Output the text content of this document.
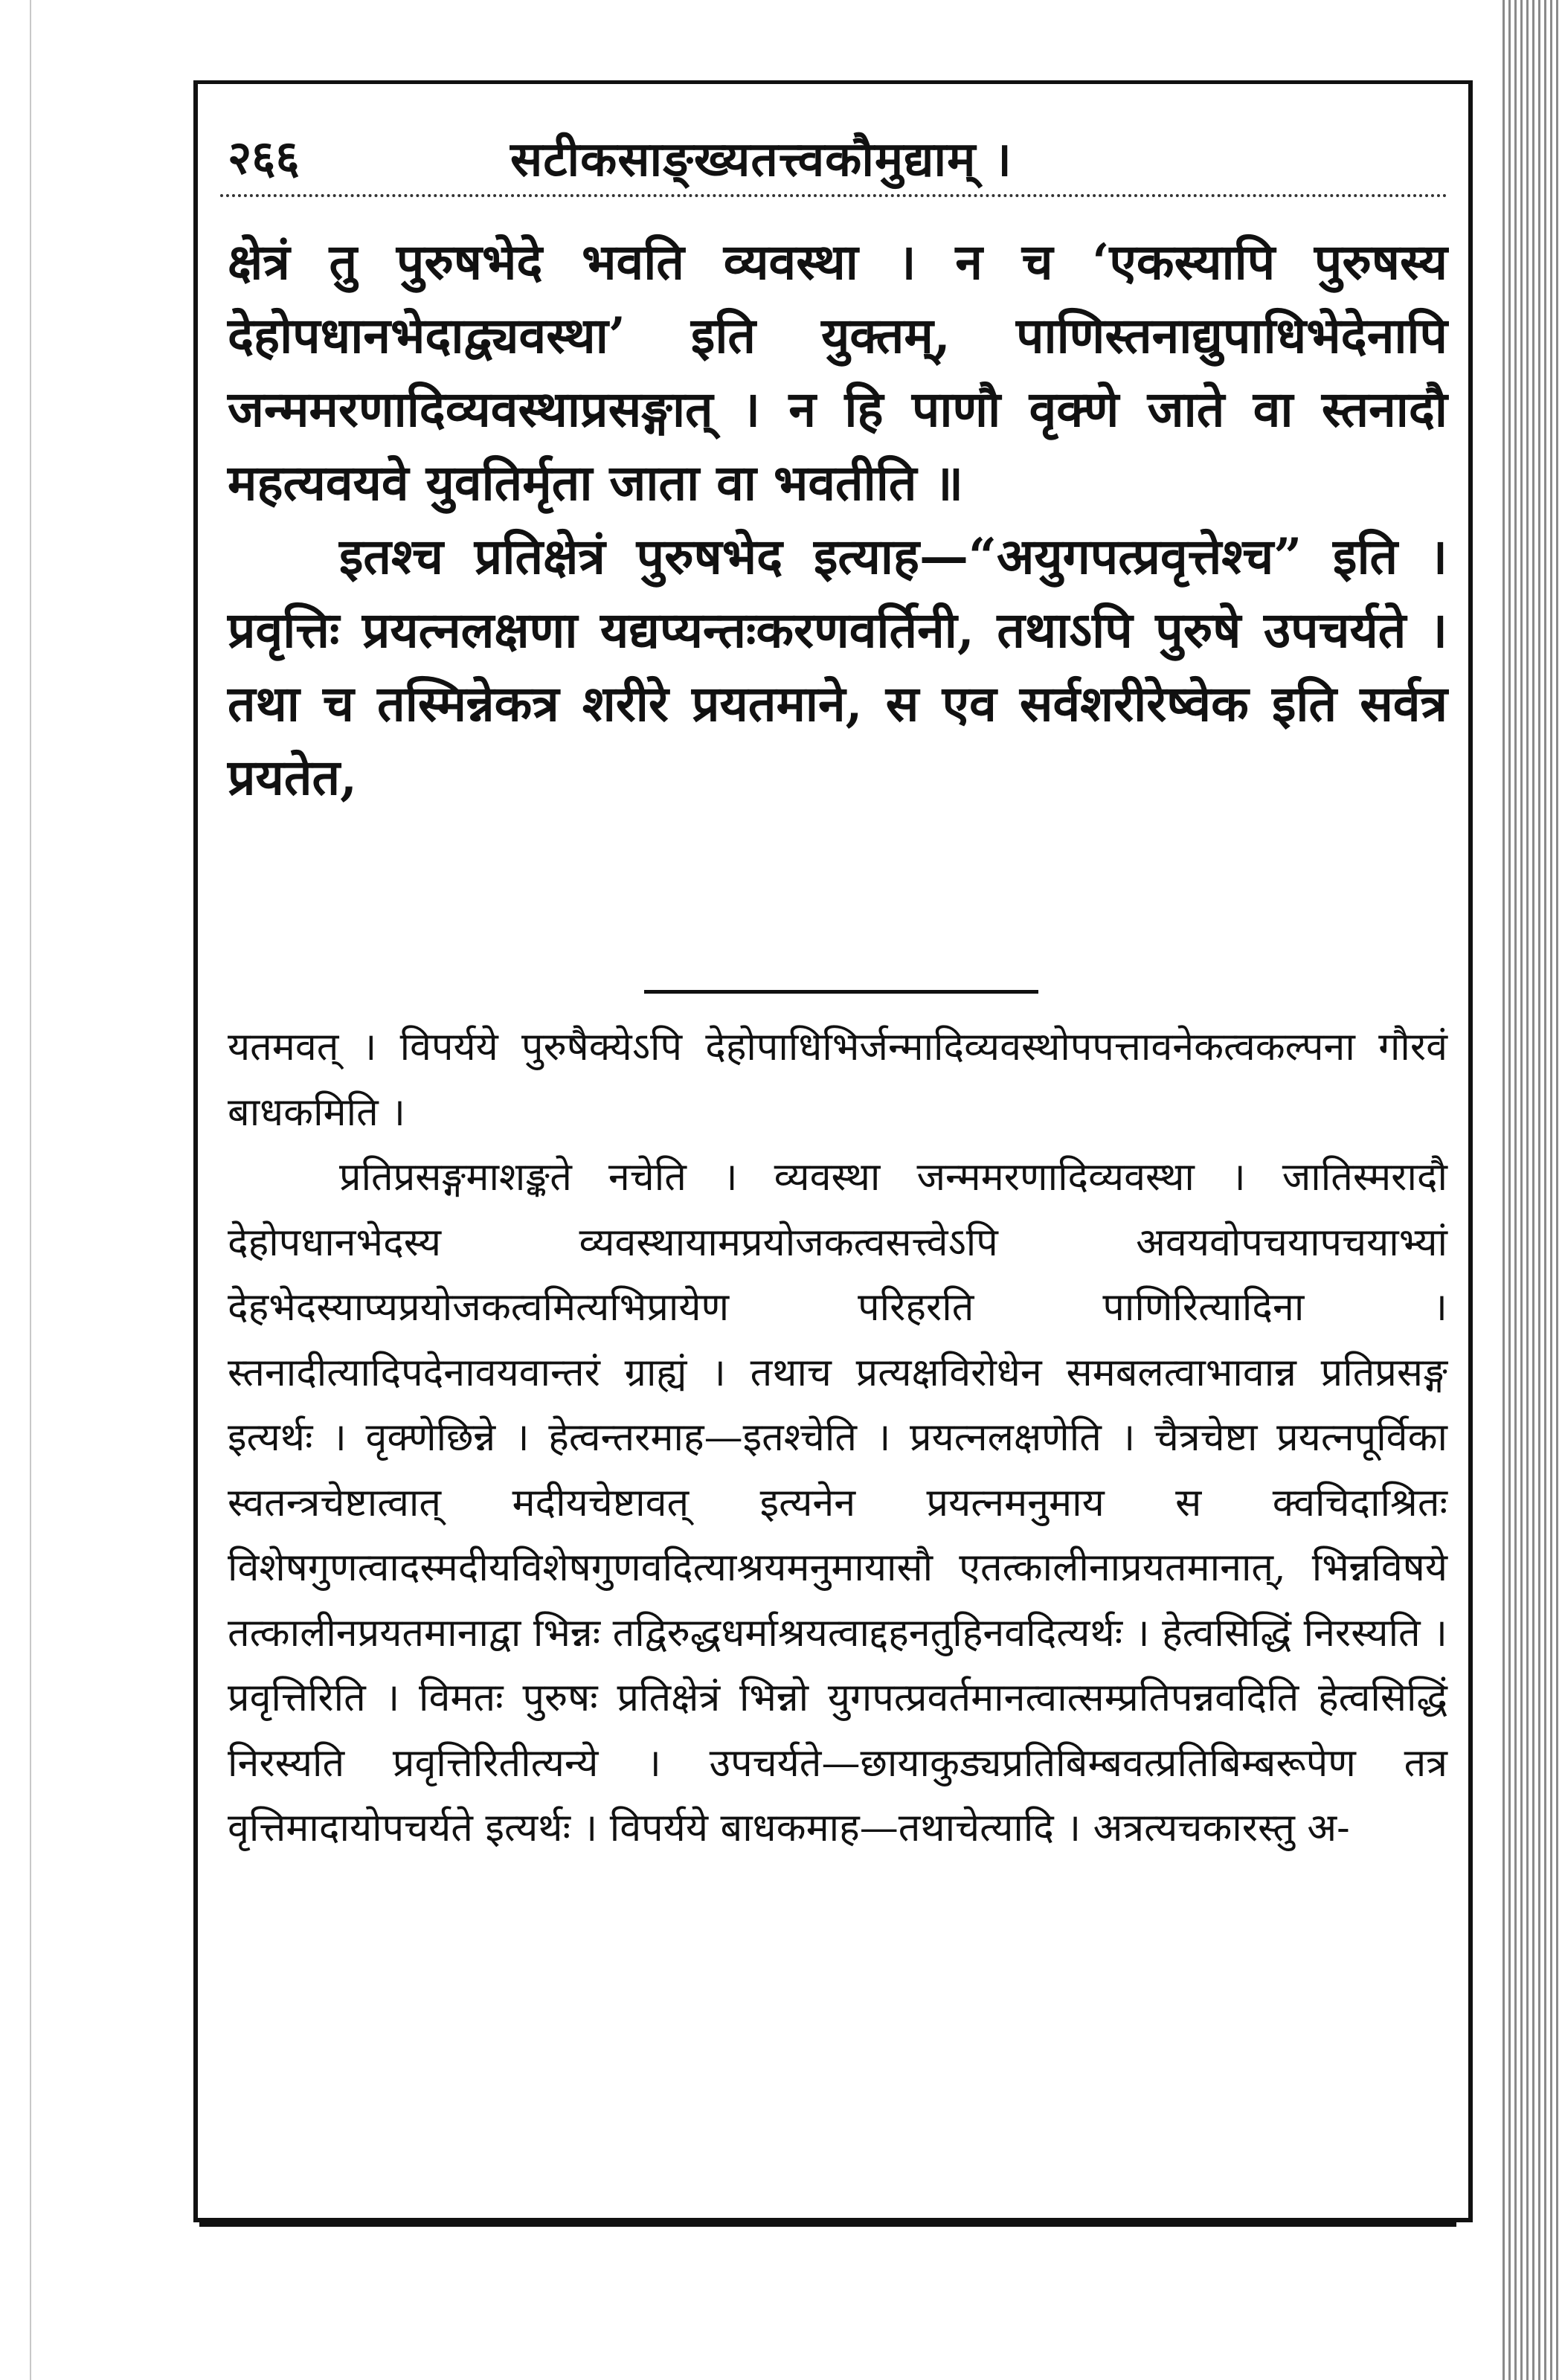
२६६	सटीकसाङ्ख्यतत्त्वकौमुद्याम् ।

क्षेत्रं तु पुरुषभेदे भवति व्यवस्था । न च ‘एकस्यापि पुरुषस्य देहोपधानभेदाद्व्यवस्था’ इति युक्तम्, पाणिस्तनाद्युपाधिभेदेनापि जन्ममरणादिव्यवस्थाप्रसङ्गात् । न हि पाणौ वृक्णे जाते वा स्तनादौ महत्यवयवे युवतिर्मृता जाता वा भवतीति ॥

इतश्च प्रतिक्षेत्रं पुरुषभेद इत्याह—“अयुगपत्प्रवृत्तेश्च” इति । प्रवृत्तिः प्रयत्नलक्षणा यद्यप्यन्तःकरणवर्तिनी, तथाऽपि पुरुषे उपचर्यते । तथा च तस्मिन्नेकत्र शरीरे प्रयतमाने, स एव सर्वशरीरेष्वेक इति सर्वत्र प्रयतेत,

यतमवत् । विपर्यये पुरुषैक्येऽपि देहोपाधिभिर्जन्मादिव्यवस्थोपपत्तावनेकत्वकल्पना गौरवं बाधकमिति ।

प्रतिप्रसङ्गमाशङ्कते नचेति । व्यवस्था जन्ममरणादिव्यवस्था । जातिस्मरादौ देहोपधानभेदस्य व्यवस्थायामप्रयोजकत्वसत्त्वेऽपि अवयवोपचयापचयाभ्यां देहभेदस्याप्यप्रयोजकत्वमित्यभिप्रायेण परिहरति पाणिरित्यादिना । स्तनादीत्यादिपदेनावयवान्तरं ग्राह्यं । तथाच प्रत्यक्षविरोधेन समबलत्वाभावान्न प्रतिप्रसङ्ग इत्यर्थः । वृक्णेछिन्ने । हेत्वन्तरमाह—इतश्चेति । प्रयत्नलक्षणेति । चैत्रचेष्टा प्रयत्नपूर्विका स्वतन्त्रचेष्टात्वात् मदीयचेष्टावत् इत्यनेन प्रयत्नमनुमाय स क्वचिदाश्रितः विशेषगुणत्वादस्मदीयविशेषगुणवदित्याश्रयमनुमायासौ एतत्कालीनाप्रयतमानात्, भिन्नविषये तत्कालीनप्रयतमानाद्वा भिन्नः तद्विरुद्धधर्माश्रयत्वाद्दहनतुहिनवदित्यर्थः । हेत्वसिद्धिं निरस्यति । प्रवृत्तिरिति । विमतः पुरुषः प्रतिक्षेत्रं भिन्नो युगपत्प्रवर्तमानत्वात्सम्प्रतिपन्नवदिति हेत्वसिद्धिं निरस्यति प्रवृत्तिरितीत्यन्ये । उपचर्यते—छायाकुड्यप्रतिबिम्बवत्प्रतिबिम्बरूपेण तत्र वृत्तिमादायोपचर्यते इत्यर्थः । विपर्यये बाधकमाह—तथाचेत्यादि । अत्रत्यचकारस्तु अ-
